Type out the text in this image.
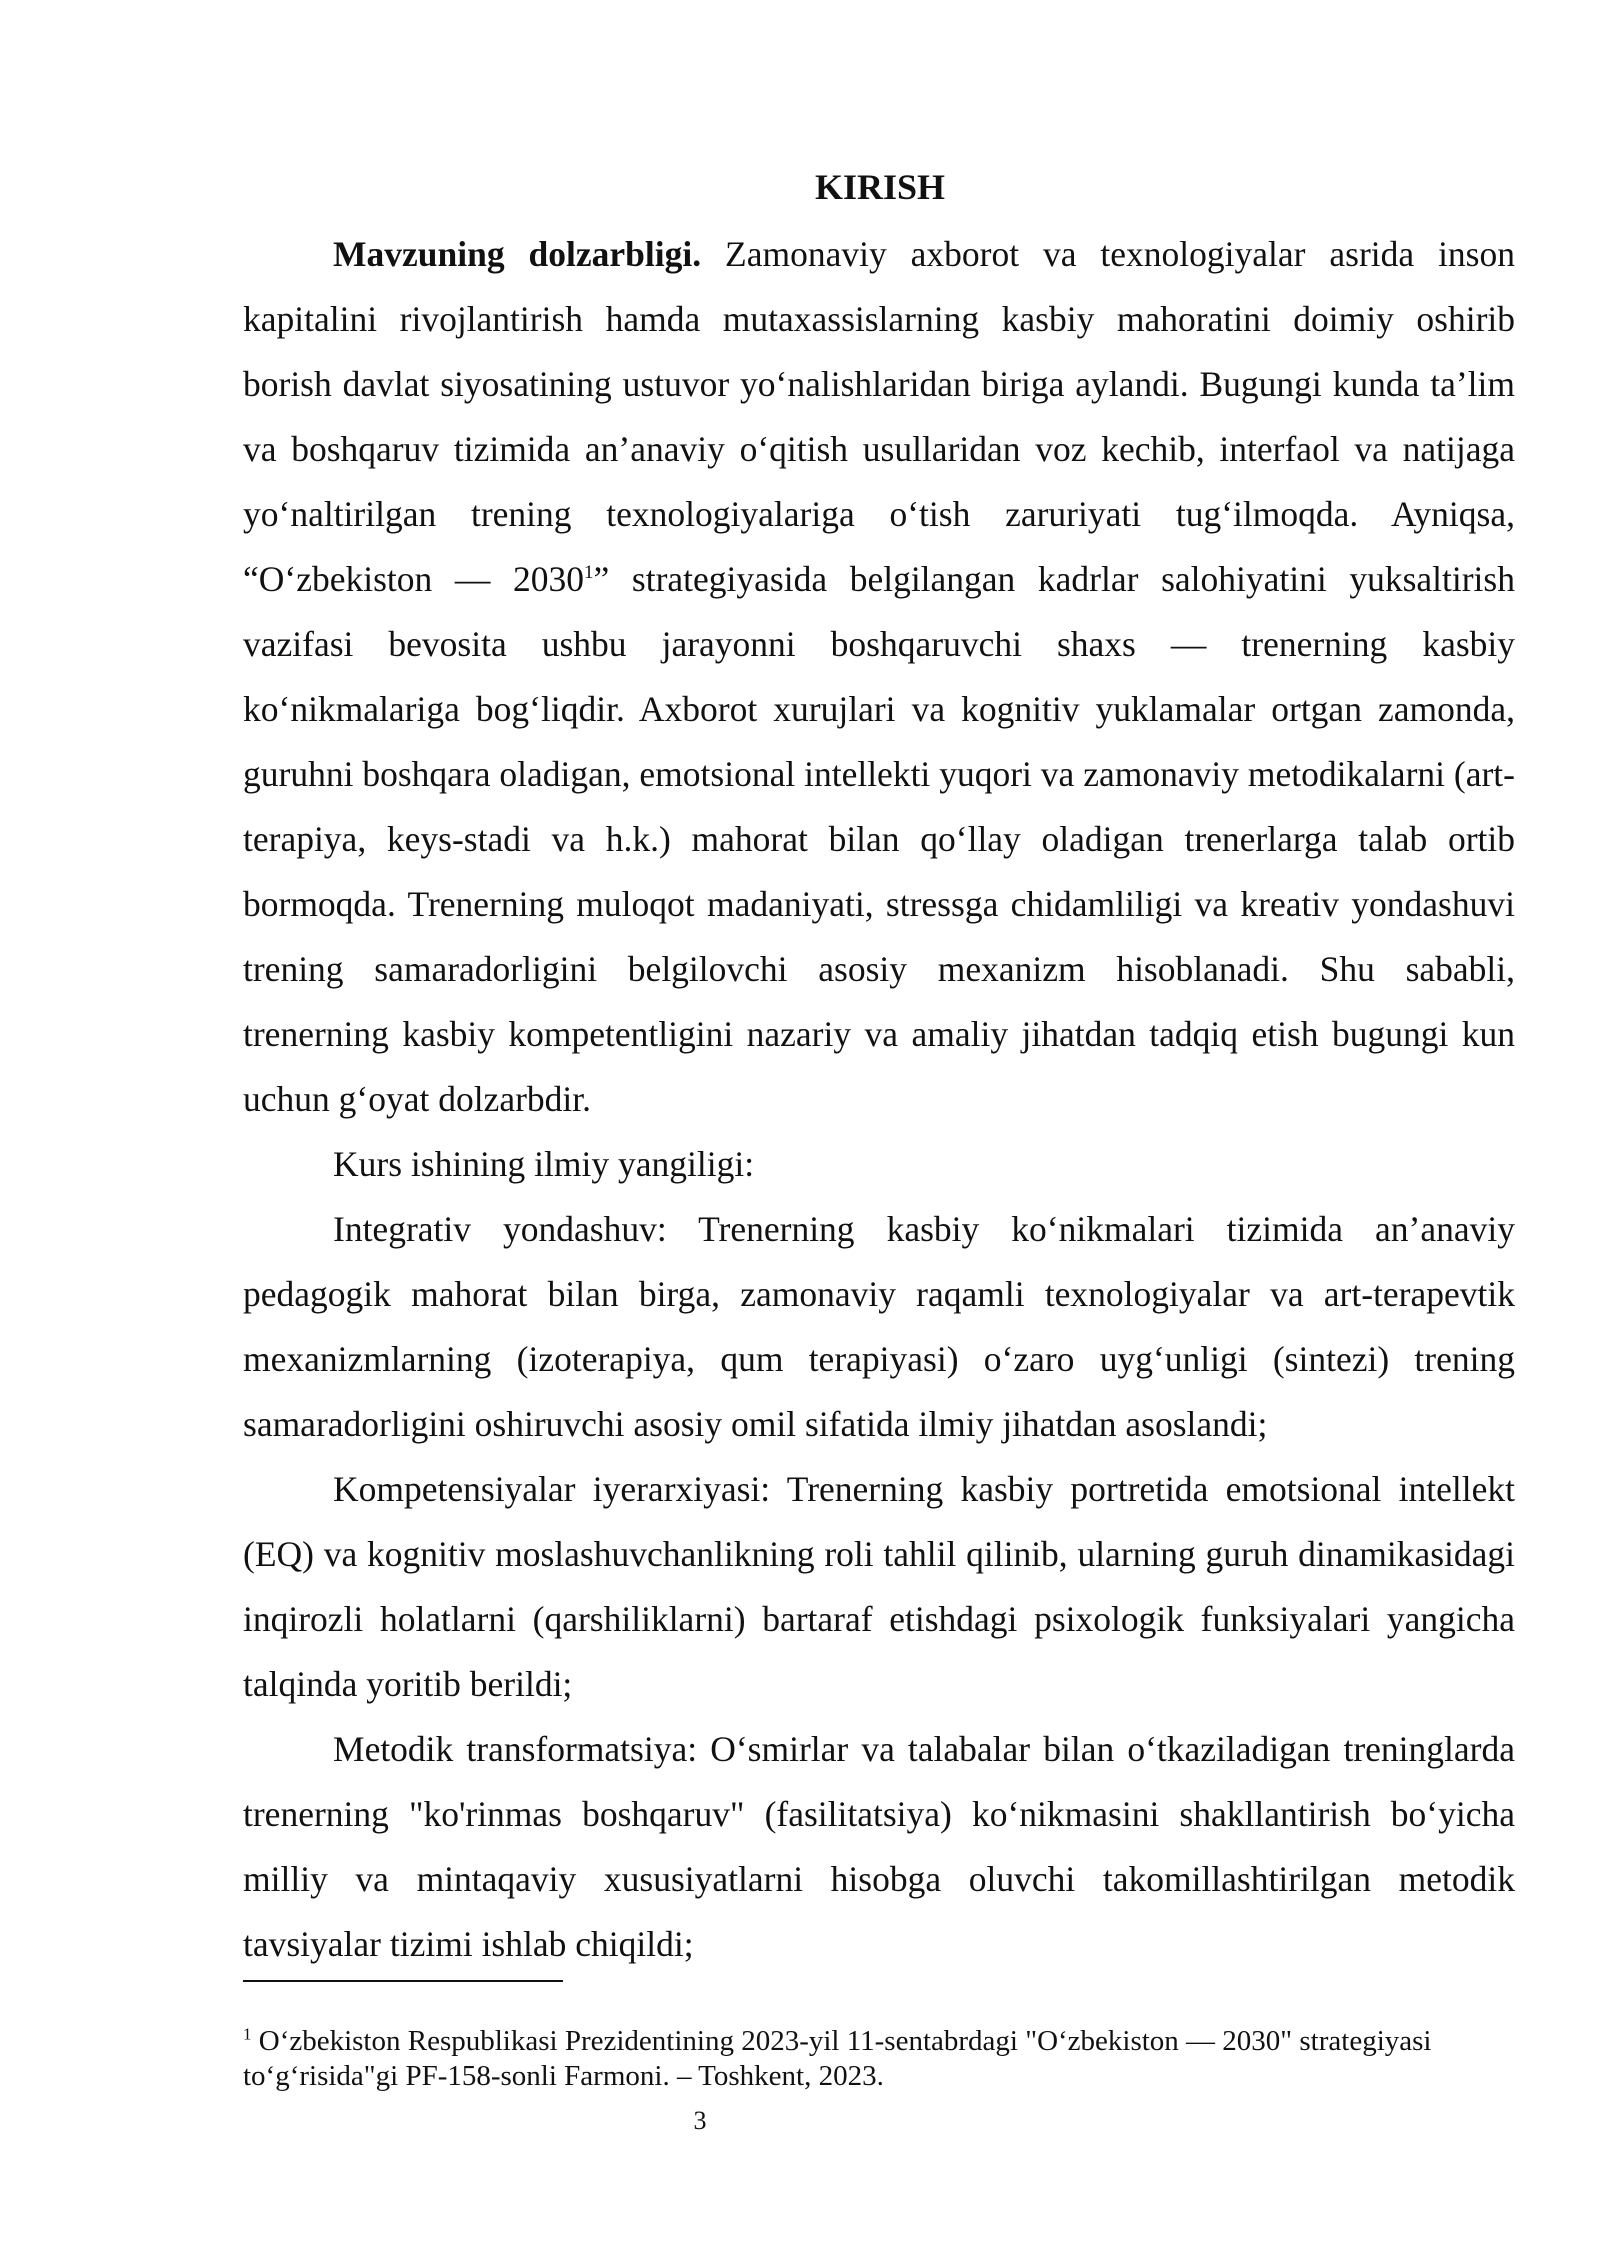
KIRISH

Mavzuning dolzarbligi. Zamonaviy axborot va texnologiyalar asrida inson kapitalini rivojlantirish hamda mutaxassislarning kasbiy mahoratini doimiy oshirib borish davlat siyosatining ustuvor yo‘nalishlaridan biriga aylandi. Bugungi kunda ta’lim va boshqaruv tizimida an’anaviy o‘qitish usullaridan voz kechib, interfaol va natijaga yo‘naltirilgan trening texnologiyalariga o‘tish zaruriyati tug‘ilmoqda. Ayniqsa, “O‘zbekiston — 2030$^1$” strategiyasida belgilangan kadrlar salohiyatini yuksaltirish vazifasi bevosita ushbu jarayonni boshqaruvchi shaxs — trenerning kasbiy ko‘nikmalariga bog‘liqdir. Axborot xurujlari va kognitiv yuklamalar ortgan zamonda, guruhni boshqara oladigan, emotsional intellekti yuqori va zamonaviy metodikalarni (art-terapiya, keys-stadi va h.k.) mahorat bilan qo‘llay oladigan trenerlarga talab ortib bormoqda. Trenerning muloqot madaniyati, stressga chidamliligi va kreativ yondashuvi trening samaradorligini belgilovchi asosiy mexanizm hisoblanadi. Shu sababli, trenerning kasbiy kompetentligini nazariy va amaliy jihatdan tadqiq etish bugungi kun uchun g‘oyat dolzarbdir.

Kurs ishining ilmiy yangiligi:

Integrativ yondashuv: Trenerning kasbiy ko‘nikmalari tizimida an’anaviy pedagogik mahorat bilan birga, zamonaviy raqamli texnologiyalar va art-terapevtik mexanizmlarning (izoterapiya, qum terapiyasi) o‘zaro uyg‘unligi (sintezi) trening samaradorligini oshiruvchi asosiy omil sifatida ilmiy jihatdan asoslandi;

Kompetensiyalar iyerarxiyasi: Trenerning kasbiy portretida emotsional intellekt (EQ) va kognitiv moslashuvchanlikning roli tahlil qilinib, ularning guruh dinamikasidagi inqirozli holatlarni (qarshiliklarni) bartaraf etishdagi psixologik funksiyalari yangicha talqinda yoritib berildi;

Metodik transformatsiya: O‘smirlar va talabalar bilan o‘tkaziladigan treninglarda trenerning "ko'rinmas boshqaruv" (fasilitatsiya) ko‘nikmasini shakllantirish bo‘yicha milliy va mintaqaviy xususiyatlarni hisobga oluvchi takomillashtirilgan metodik tavsiyalar tizimi ishlab chiqildi;

$^1$ O‘zbekiston Respublikasi Prezidentining 2023-yil 11-sentabrdagi "O‘zbekiston — 2030" strategiyasi to‘g‘risida"gi PF-158-sonli Farmoni. – Toshkent, 2023.
3
